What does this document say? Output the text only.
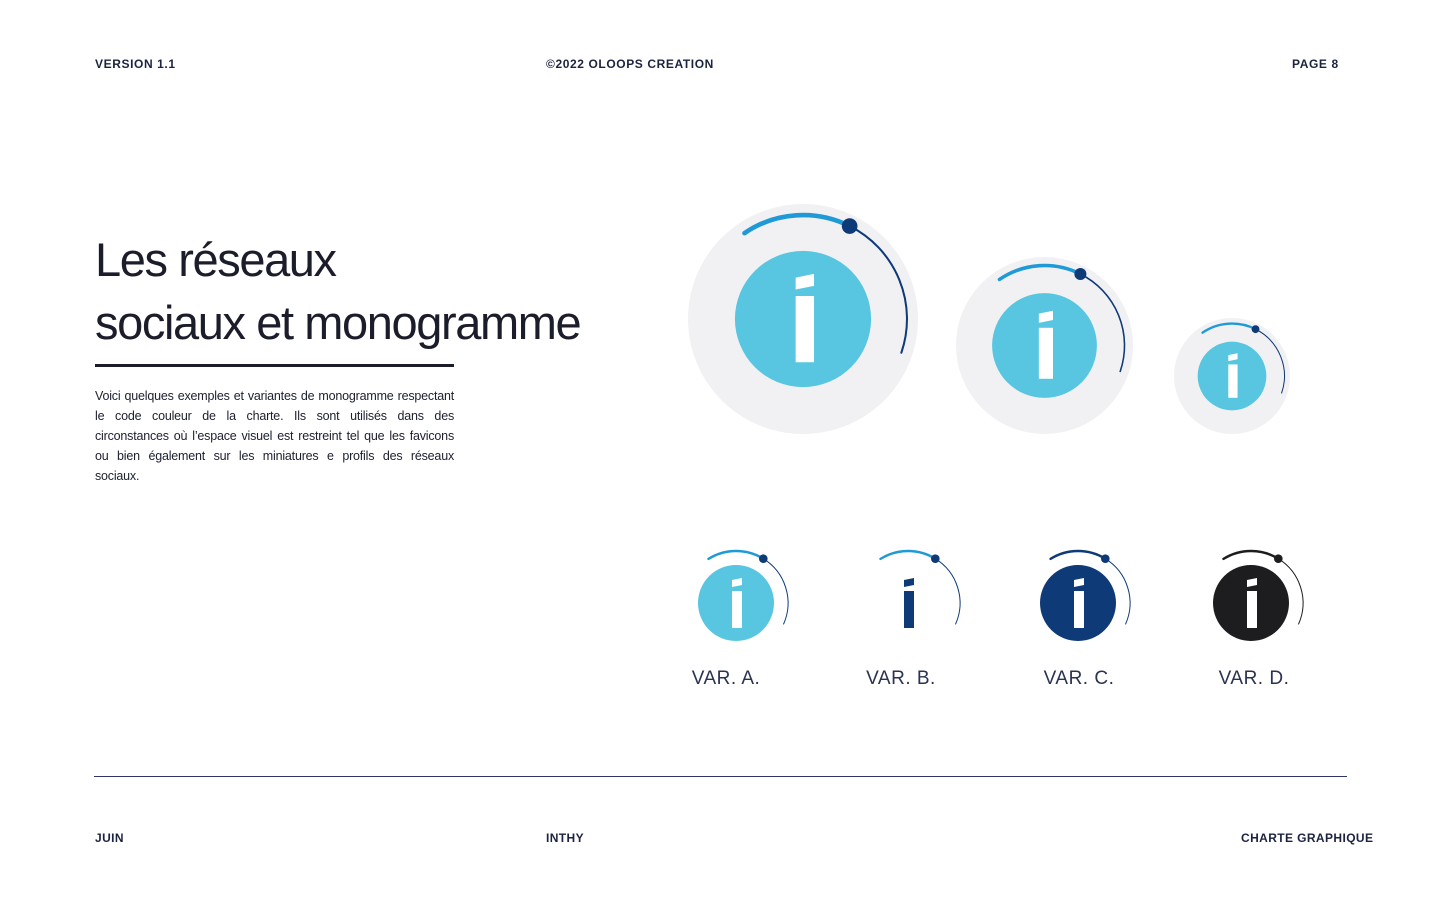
VERSION 1.1	©2022 OLOOPS CREATION	PAGE 8
Les réseaux
sociaux et monogramme

Voici quelques exemples et variantes de monogramme respectant le code couleur de la charte. Ils sont utilisés dans des circonstances où l’espace visuel est restreint tel que les favicons ou bien également sur les miniatures e profils des réseaux sociaux.

VAR. A.	VAR. B.	VAR. C.	VAR. D.
JUIN	INTHY	CHARTE GRAPHIQUE
